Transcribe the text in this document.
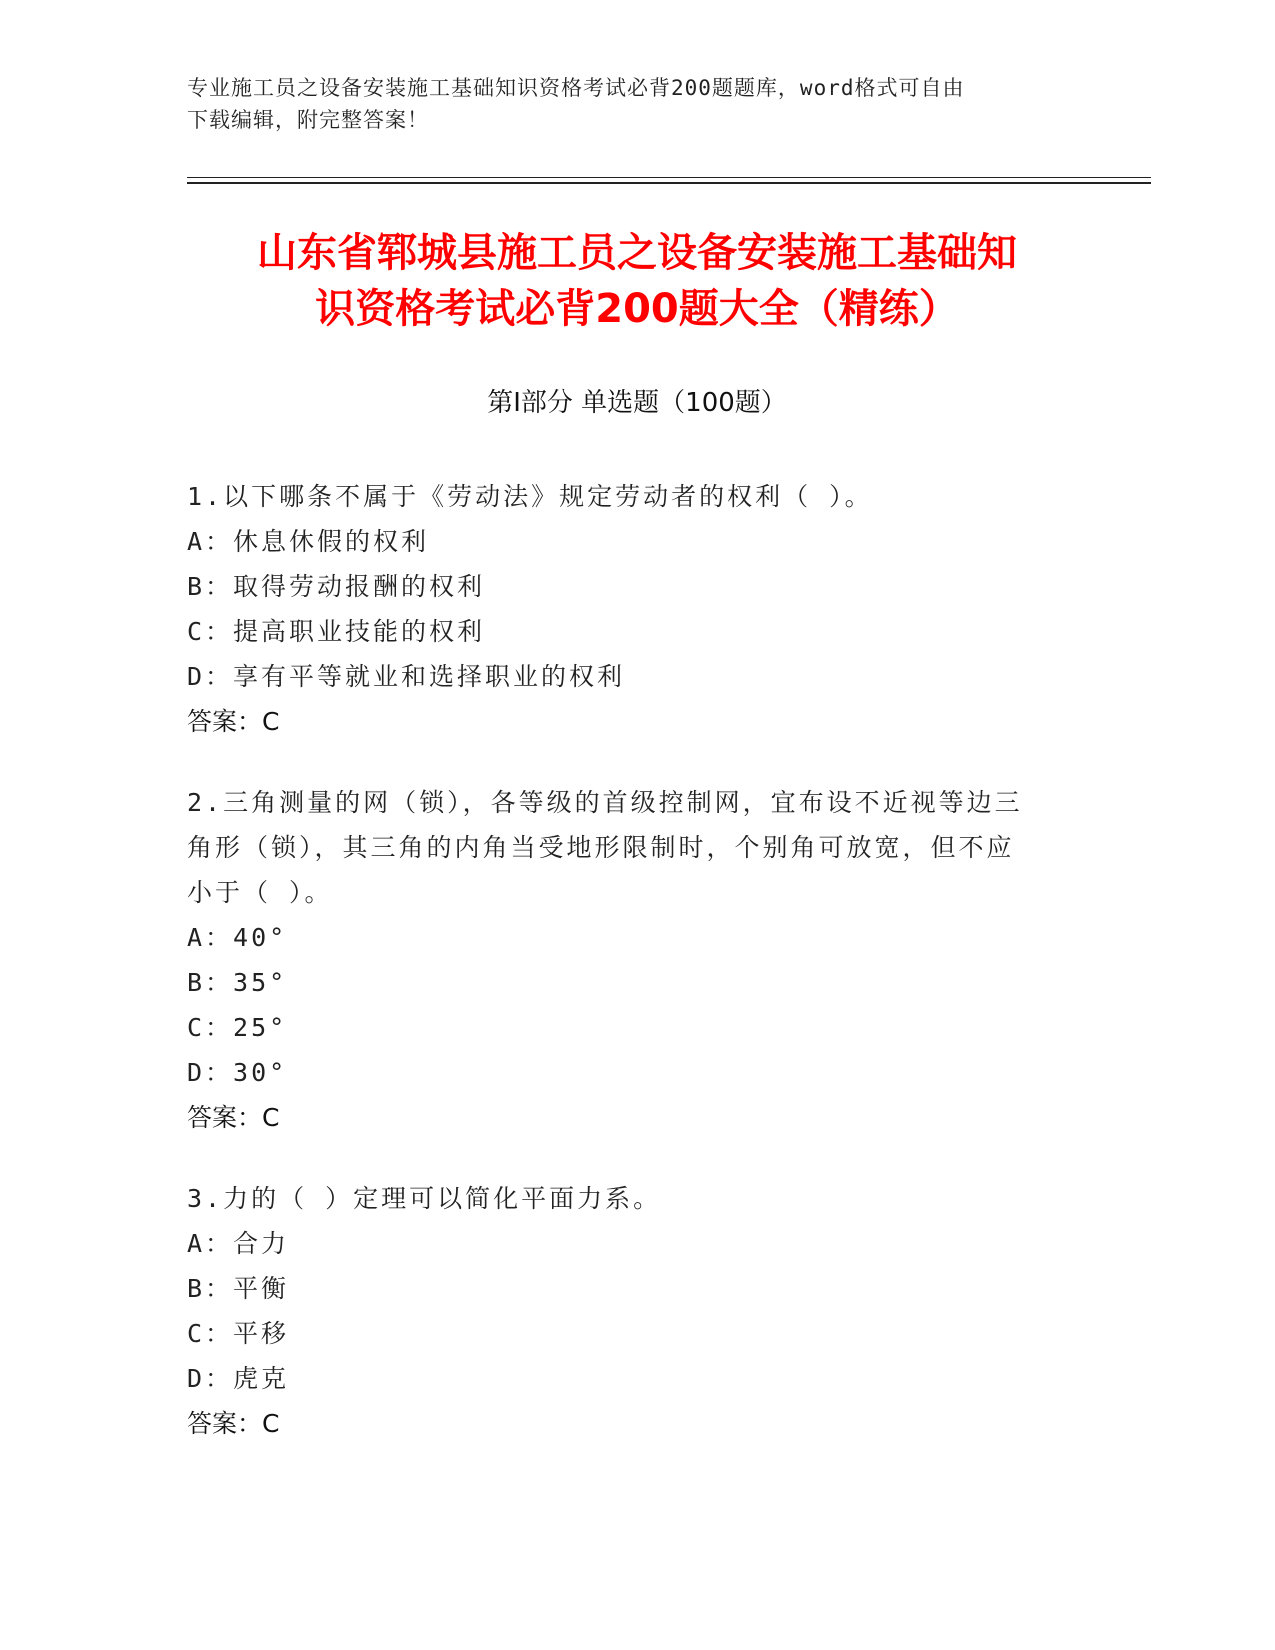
专业施工员之设备安装施工基础知识资格考试必背200题题库，word格式可自由
下载编辑，附完整答案！
山东省郓城县施工员之设备安装施工基础知
识资格考试必背200题大全（精练）
第I部分 单选题（100题）
1.以下哪条不属于《劳动法》规定劳动者的权利（ ）。
A：休息休假的权利
B：取得劳动报酬的权利
C：提高职业技能的权利
D：享有平等就业和选择职业的权利
答案：C
2.三角测量的网（锁），各等级的首级控制网，宜布设不近视等边三
角形（锁），其三角的内角当受地形限制时，个别角可放宽，但不应
小于（ ）。
A：40°
B：35°
C：25°
D：30°
答案：C
3.力的（ ）定理可以简化平面力系。
A：合力
B：平衡
C：平移
D：虎克
答案：C
